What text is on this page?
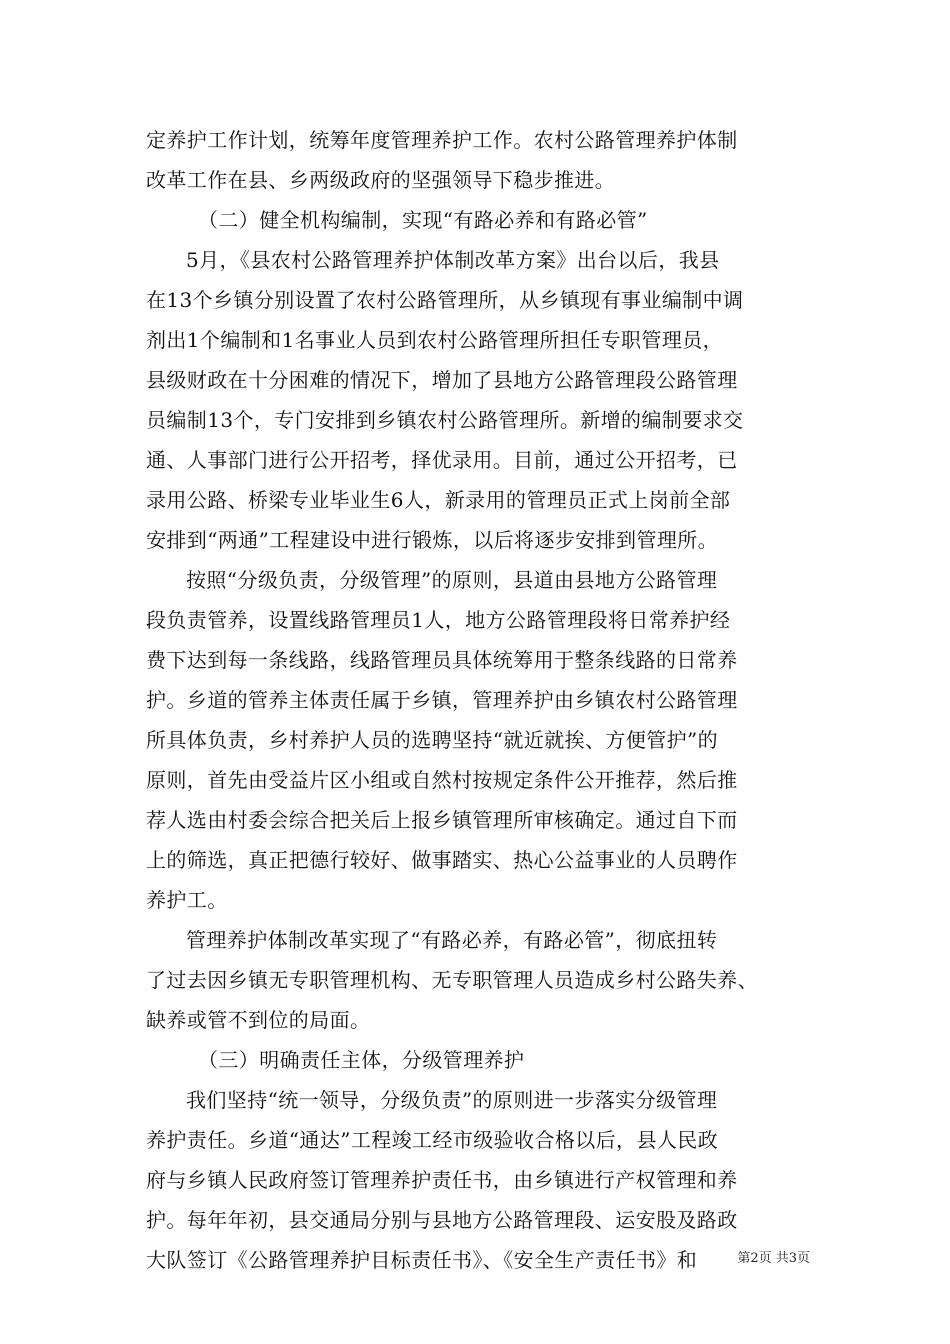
定养护工作计划，统筹年度管理养护工作。农村公路管理养护体制
改革工作在县、乡两级政府的坚强领导下稳步推进。
（二）健全机构编制，实现“有路必养和有路必管”
5月，《县农村公路管理养护体制改革方案》出台以后，我县
在13个乡镇分别设置了农村公路管理所，从乡镇现有事业编制中调
剂出1个编制和1名事业人员到农村公路管理所担任专职管理员，
县级财政在十分困难的情况下，增加了县地方公路管理段公路管理
员编制13个，专门安排到乡镇农村公路管理所。新增的编制要求交
通、人事部门进行公开招考，择优录用。目前，通过公开招考，已
录用公路、桥梁专业毕业生6人，新录用的管理员正式上岗前全部
安排到“两通”工程建设中进行锻炼，以后将逐步安排到管理所。
按照“分级负责，分级管理”的原则，县道由县地方公路管理
段负责管养，设置线路管理员1人，地方公路管理段将日常养护经
费下达到每一条线路，线路管理员具体统筹用于整条线路的日常养
护。乡道的管养主体责任属于乡镇，管理养护由乡镇农村公路管理
所具体负责，乡村养护人员的选聘坚持“就近就挨、方便管护”的
原则，首先由受益片区小组或自然村按规定条件公开推荐，然后推
荐人选由村委会综合把关后上报乡镇管理所审核确定。通过自下而
上的筛选，真正把德行较好、做事踏实、热心公益事业的人员聘作
养护工。
管理养护体制改革实现了“有路必养，有路必管”，彻底扭转
了过去因乡镇无专职管理机构、无专职管理人员造成乡村公路失养、
缺养或管不到位的局面。
（三）明确责任主体，分级管理养护
我们坚持“统一领导，分级负责”的原则进一步落实分级管理
养护责任。乡道“通达”工程竣工经市级验收合格以后，县人民政
府与乡镇人民政府签订管理养护责任书，由乡镇进行产权管理和养
护。每年年初，县交通局分别与县地方公路管理段、运安股及路政
大队签订《公路管理养护目标责任书》、《安全生产责任书》和	第2页 共3页
